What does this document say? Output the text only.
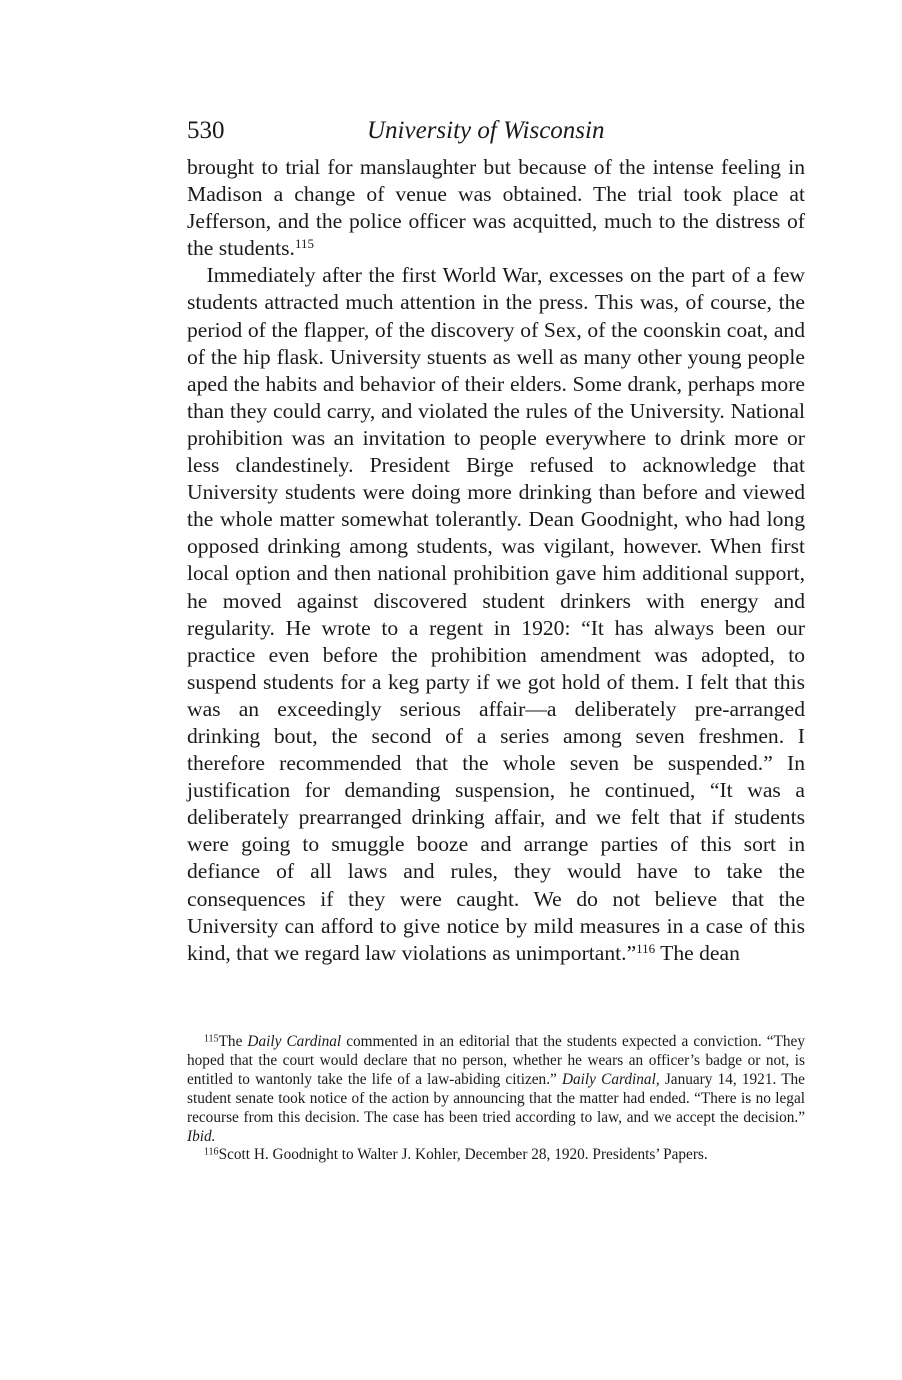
530	University of Wisconsin

brought to trial for manslaughter but because of the intense feeling in Madison a change of venue was obtained. The trial took place at Jefferson, and the police officer was acquitted, much to the distress of the students.$^{115}$

Immediately after the first World War, excesses on the part of a few students attracted much attention in the press. This was, of course, the period of the flapper, of the discovery of Sex, of the coonskin coat, and of the hip flask. University stuents as well as many other young people aped the habits and behavior of their elders. Some drank, perhaps more than they could carry, and violated the rules of the University. National prohibition was an invitation to people everywhere to drink more or less clandestinely. President Birge refused to acknowledge that University students were doing more drinking than before and viewed the whole matter somewhat tolerantly. Dean Goodnight, who had long opposed drinking among students, was vigilant, however. When first local option and then national prohibition gave him additional support, he moved against discovered student drinkers with energy and regularity. He wrote to a regent in 1920: “It has always been our practice even before the prohibition amendment was adopted, to suspend students for a keg party if we got hold of them. I felt that this was an exceedingly serious affair—a deliberately pre-arranged drinking bout, the second of a series among seven freshmen. I therefore recommended that the whole seven be suspended.” In justification for demanding suspension, he continued, “It was a deliberately prearranged drinking affair, and we felt that if students were going to smuggle booze and arrange parties of this sort in defiance of all laws and rules, they would have to take the consequences if they were caught. We do not believe that the University can afford to give notice by mild measures in a case of this kind, that we regard law violations as unimportant.”$^{116}$ The dean

$^{115}$The Daily Cardinal commented in an editorial that the students expected a conviction. “They hoped that the court would declare that no person, whether he wears an officer’s badge or not, is entitled to wantonly take the life of a law-abiding citizen.” Daily Cardinal, January 14, 1921. The student senate took notice of the action by announcing that the matter had ended. “There is no legal recourse from this decision. The case has been tried according to law, and we accept the decision.” Ibid.

$^{116}$Scott H. Goodnight to Walter J. Kohler, December 28, 1920. Presidents’ Papers.
